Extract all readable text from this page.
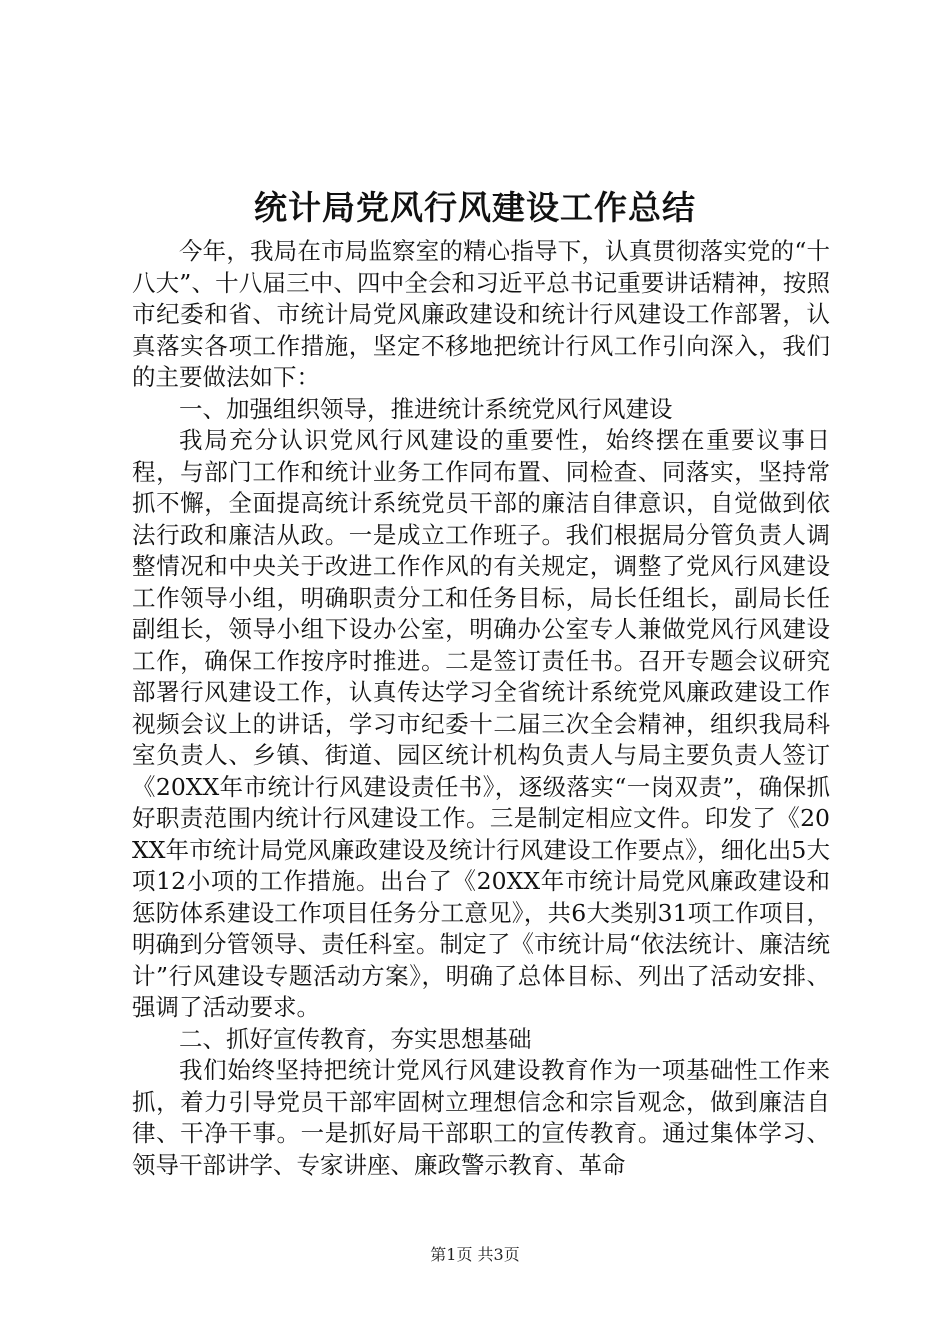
统计局党风行风建设工作总结

今年，我局在市局监察室的精心指导下，认真贯彻落实党的“十八大”、十八届三中、四中全会和习近平总书记重要讲话精神，按照市纪委和省、市统计局党风廉政建设和统计行风建设工作部署，认真落实各项工作措施，坚定不移地把统计行风工作引向深入，我们的主要做法如下：

一、加强组织领导，推进统计系统党风行风建设

我局充分认识党风行风建设的重要性，始终摆在重要议事日程，与部门工作和统计业务工作同布置、同检查、同落实，坚持常抓不懈，全面提高统计系统党员干部的廉洁自律意识，自觉做到依法行政和廉洁从政。一是成立工作班子。我们根据局分管负责人调整情况和中央关于改进工作作风的有关规定，调整了党风行风建设工作领导小组，明确职责分工和任务目标，局长任组长，副局长任副组长，领导小组下设办公室，明确办公室专人兼做党风行风建设工作，确保工作按序时推进。二是签订责任书。召开专题会议研究部署行风建设工作，认真传达学习全省统计系统党风廉政建设工作视频会议上的讲话，学习市纪委十二届三次全会精神，组织我局科室负责人、乡镇、街道、园区统计机构负责人与局主要负责人签订《20XX年市统计行风建设责任书》，逐级落实“一岗双责”，确保抓好职责范围内统计行风建设工作。三是制定相应文件。印发了《20XX年市统计局党风廉政建设及统计行风建设工作要点》，细化出5大项12小项的工作措施。出台了《20XX年市统计局党风廉政建设和惩防体系建设工作项目任务分工意见》，共6大类别31项工作项目，明确到分管领导、责任科室。制定了《市统计局“依法统计、廉洁统计”行风建设专题活动方案》，明确了总体目标、列出了活动安排、强调了活动要求。

二、抓好宣传教育，夯实思想基础

我们始终坚持把统计党风行风建设教育作为一项基础性工作来抓，着力引导党员干部牢固树立理想信念和宗旨观念，做到廉洁自律、干净干事。一是抓好局干部职工的宣传教育。通过集体学习、领导干部讲学、专家讲座、廉政警示教育、革命

第1页 共3页
